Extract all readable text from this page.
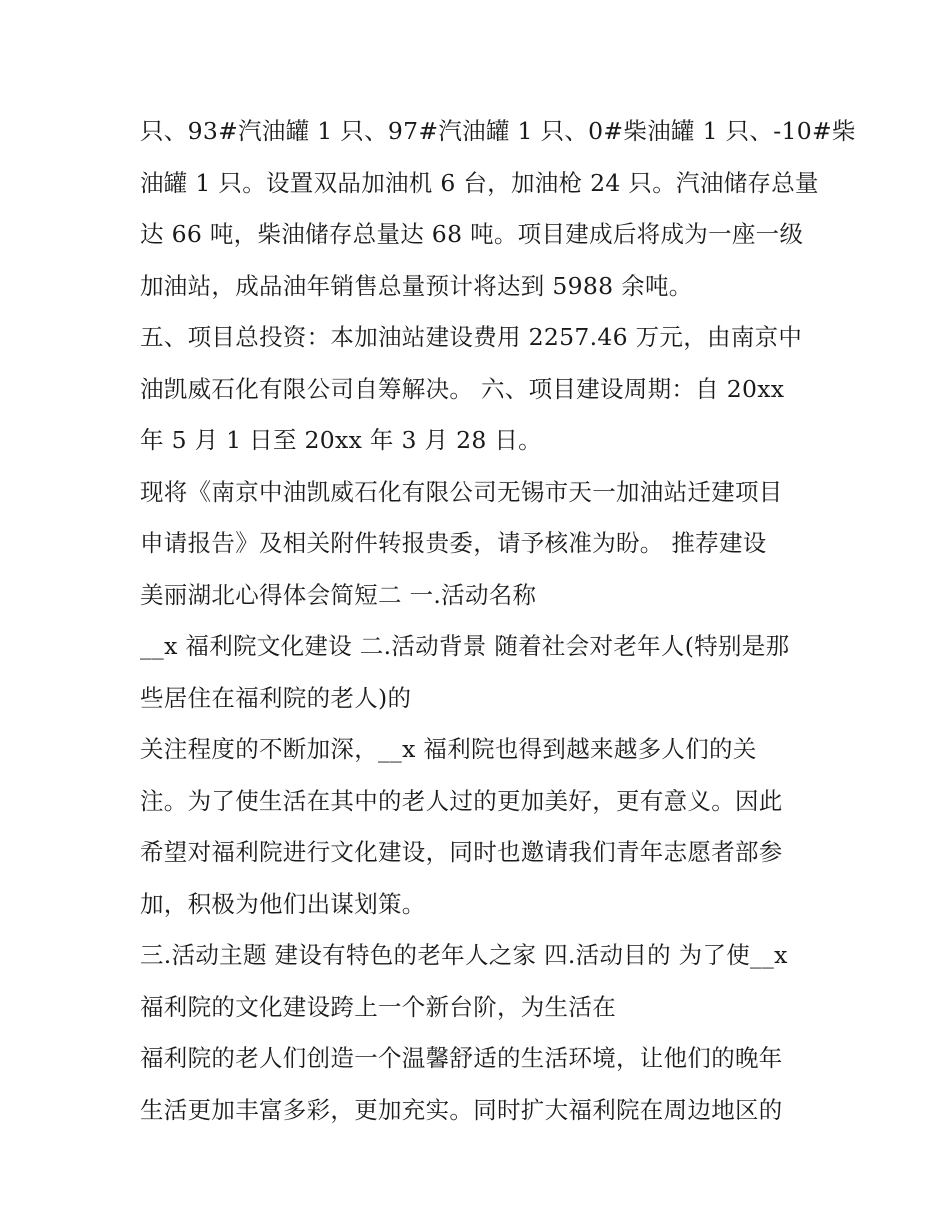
只、93#汽油罐 1 只、97#汽油罐 1 只、0#柴油罐 1 只、-10#柴
油罐 1 只。设置双品加油机 6 台，加油枪 24 只。汽油储存总量
达 66 吨，柴油储存总量达 68 吨。项目建成后将成为一座一级
加油站，成品油年销售总量预计将达到 5988 余吨。
五、项目总投资：本加油站建设费用 2257.46 万元，由南京中
油凯威石化有限公司自筹解决。 六、项目建设周期：自 20xx
年 5 月 1 日至 20xx 年 3 月 28 日。
现将《南京中油凯威石化有限公司无锡市天一加油站迁建项目
申请报告》及相关附件转报贵委，请予核准为盼。 推荐建设
美丽湖北心得体会简短二 一.活动名称
__x 福利院文化建设 二.活动背景 随着社会对老年人(特别是那
些居住在福利院的老人)的
关注程度的不断加深，__x 福利院也得到越来越多人们的关
注。为了使生活在其中的老人过的更加美好，更有意义。因此
希望对福利院进行文化建设，同时也邀请我们青年志愿者部参
加，积极为他们出谋划策。
三.活动主题 建设有特色的老年人之家 四.活动目的 为了使__x
福利院的文化建设跨上一个新台阶，为生活在
福利院的老人们创造一个温馨舒适的生活环境，让他们的晚年
生活更加丰富多彩，更加充实。同时扩大福利院在周边地区的
